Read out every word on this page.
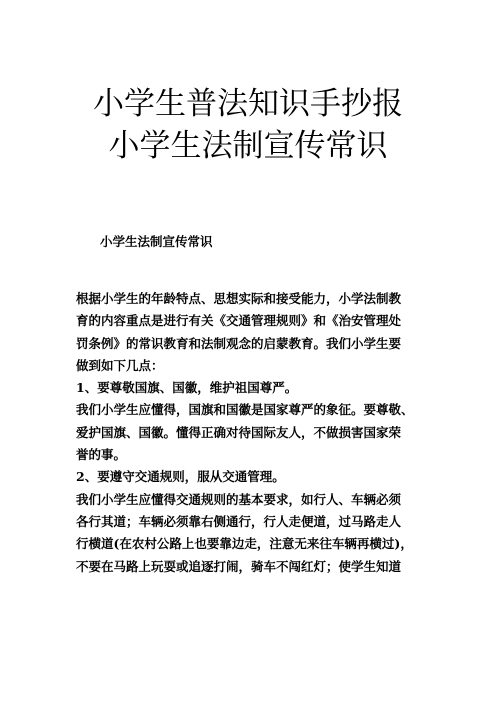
小学生普法知识手抄报
小学生法制宣传常识
小学生法制宣传常识
根据小学生的年龄特点、思想实际和接受能力，小学法制教
育的内容重点是进行有关《交通管理规则》和《治安管理处
罚条例》的常识教育和法制观念的启蒙教育。我们小学生要
做到如下几点：
1、要尊敬国旗、国徽，维护祖国尊严。
我们小学生应懂得，国旗和国徽是国家尊严的象征。要尊敬、
爱护国旗、国徽。懂得正确对待国际友人，不做损害国家荣
誉的事。
2、要遵守交通规则，服从交通管理。
我们小学生应懂得交通规则的基本要求，如行人、车辆必须
各行其道；车辆必须靠右侧通行，行人走便道，过马路走人
行横道(在农村公路上也要靠边走，注意无来往车辆再横过)，
不要在马路上玩耍或追逐打闹，骑车不闯红灯；使学生知道
